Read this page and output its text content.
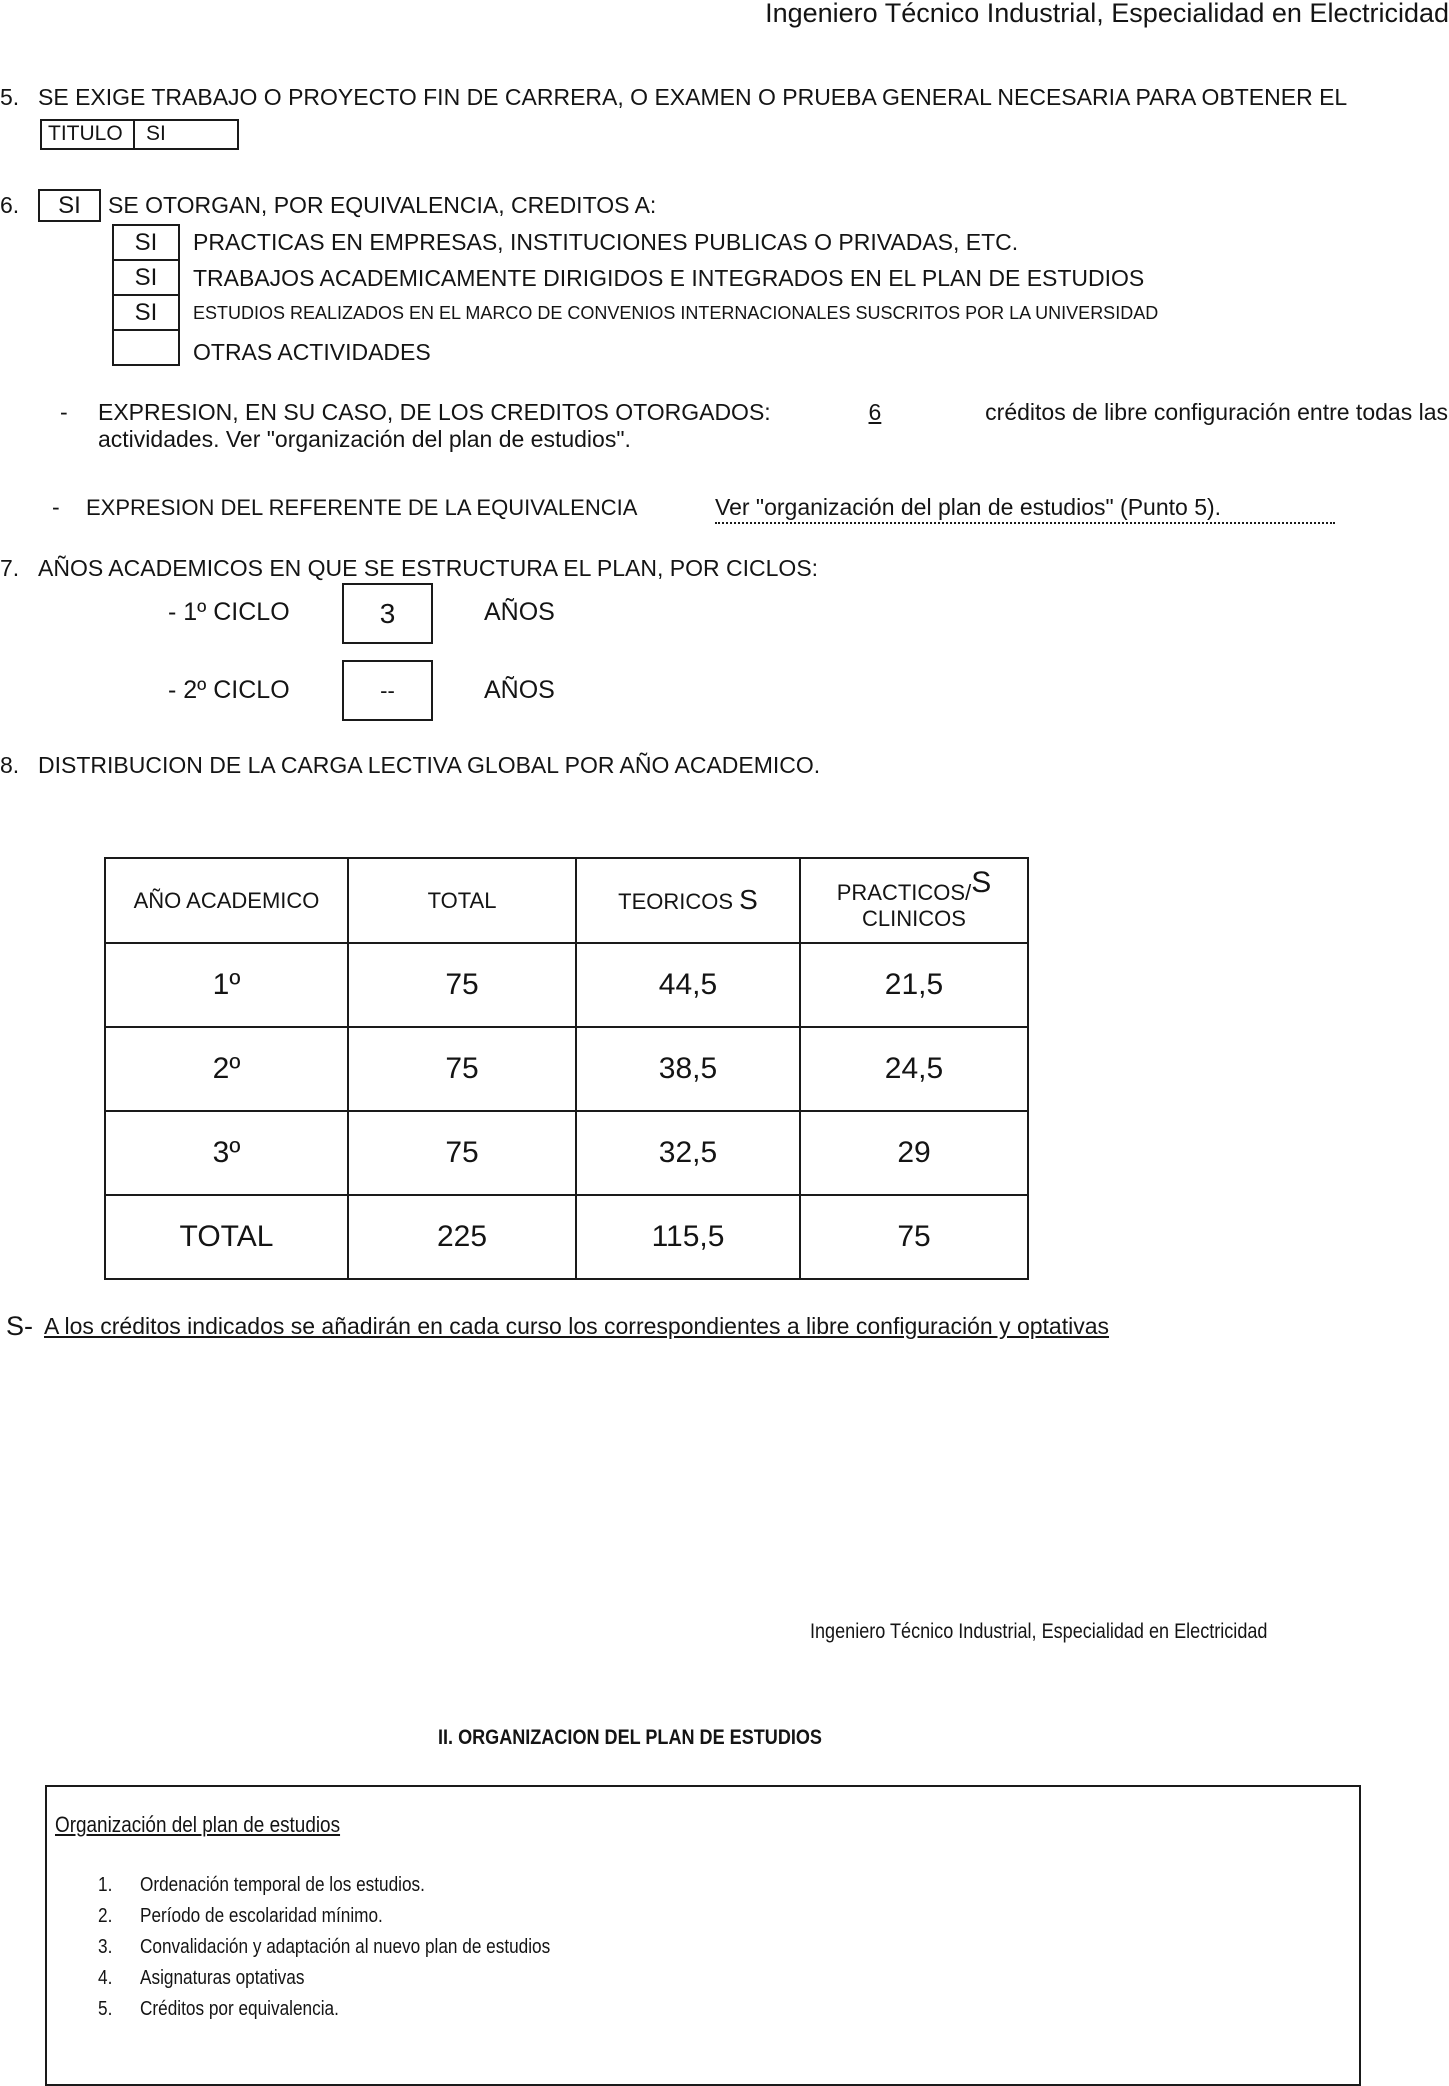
Ingeniero Técnico Industrial, Especialidad en Electricidad
5. SE EXIGE TRABAJO O PROYECTO FIN DE CARRERA, O EXAMEN O PRUEBA GENERAL NECESARIA PARA OBTENER EL
TITULO SI
6.	SI	SE OTORGAN, POR EQUIVALENCIA, CREDITOS A:
SI	PRACTICAS EN EMPRESAS, INSTITUCIONES PUBLICAS O PRIVADAS, ETC.
SI	TRABAJOS ACADEMICAMENTE DIRIGIDOS E INTEGRADOS EN EL PLAN DE ESTUDIOS
SI	ESTUDIOS REALIZADOS EN EL MARCO DE CONVENIOS INTERNACIONALES SUSCRITOS POR LA UNIVERSIDAD
OTRAS ACTIVIDADES
- EXPRESION, EN SU CASO, DE LOS CREDITOS OTORGADOS:	6	créditos de libre configuración entre todas las
actividades. Ver "organización del plan de estudios".
- EXPRESION DEL REFERENTE DE LA EQUIVALENCIA	Ver "organización del plan de estudios" (Punto 5).
7. AÑOS ACADEMICOS EN QUE SE ESTRUCTURA EL PLAN, POR CICLOS:
- 1º CICLO	3	AÑOS
- 2º CICLO	--	AÑOS
8. DISTRIBUCION DE LA CARGA LECTIVA GLOBAL POR AÑO ACADEMICO.
AÑO ACADEMICO	TOTAL	TEORICOS S	PRACTICOS/S
CLINICOS
1º	75	44,5	21,5
2º	75	38,5	24,5
3º	75	32,5	29
TOTAL	225	115,5	75
S- A los créditos indicados se añadirán en cada curso los correspondientes a libre configuración y optativas
Ingeniero Técnico Industrial, Especialidad en Electricidad
II. ORGANIZACION DEL PLAN DE ESTUDIOS
Organización del plan de estudios
1. Ordenación temporal de los estudios.
2. Período de escolaridad mínimo.
3. Convalidación y adaptación al nuevo plan de estudios
4. Asignaturas optativas
5. Créditos por equivalencia.
